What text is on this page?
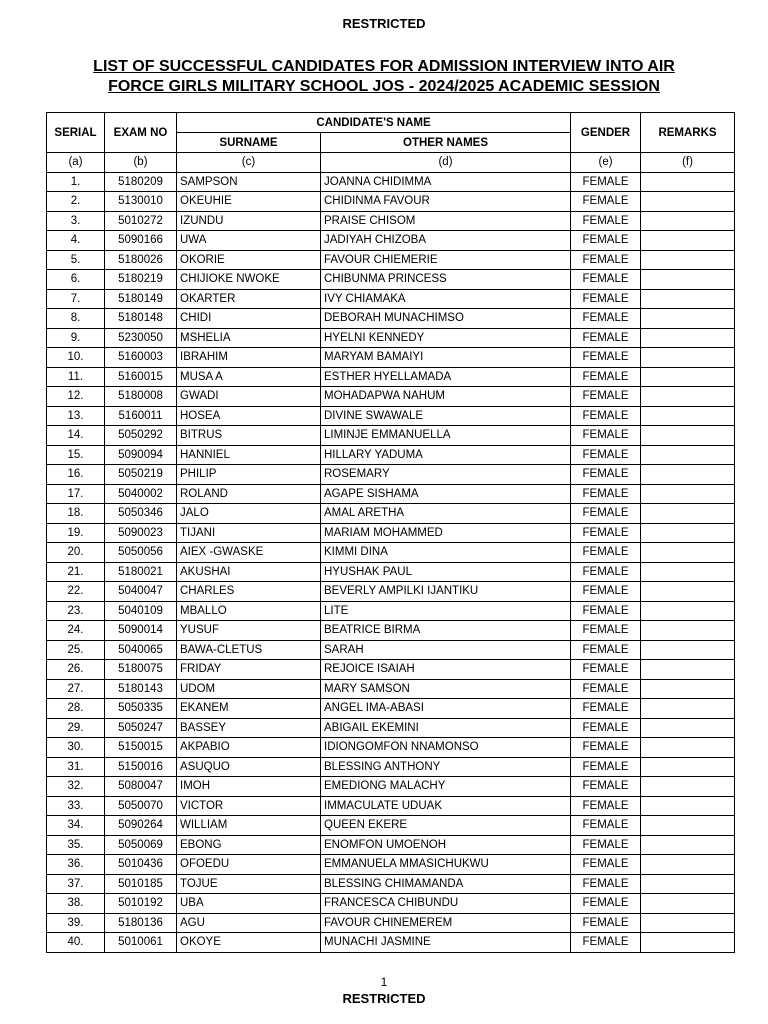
RESTRICTED
LIST OF SUCCESSFUL CANDIDATES FOR ADMISSION INTERVIEW INTO AIR
FORCE GIRLS MILITARY SCHOOL JOS - 2024/2025 ACADEMIC SESSION
SERIAL	EXAM NO	CANDIDATE'S NAME		GENDER	REMARKS
		SURNAME	OTHER NAMES		
(a)	(b)	(c)	(d)	(e)	(f)
1.	5180209	SAMPSON	JOANNA CHIDIMMA	FEMALE	
2.	5130010	OKEUHIE	CHIDINMA FAVOUR	FEMALE	
3.	5010272	IZUNDU	PRAISE CHISOM	FEMALE	
4.	5090166	UWA	JADIYAH CHIZOBA	FEMALE	
5.	5180026	OKORIE	FAVOUR CHIEMERIE	FEMALE	
6.	5180219	CHIJIOKE NWOKE	CHIBUNMA PRINCESS	FEMALE	
7.	5180149	OKARTER	IVY CHIAMAKA	FEMALE	
8.	5180148	CHIDI	DEBORAH MUNACHIMSO	FEMALE	
9.	5230050	MSHELIA	HYELNI KENNEDY	FEMALE	
10.	5160003	IBRAHIM	MARYAM BAMAIYI	FEMALE	
11.	5160015	MUSA A	ESTHER HYELLAMADA	FEMALE	
12.	5180008	GWADI	MOHADAPWA NAHUM	FEMALE	
13.	5160011	HOSEA	DIVINE SWAWALE	FEMALE	
14.	5050292	BITRUS	LIMINJE EMMANUELLA	FEMALE	
15.	5090094	HANNIEL	HILLARY YADUMA	FEMALE	
16.	5050219	PHILIP	ROSEMARY	FEMALE	
17.	5040002	ROLAND	AGAPE SISHAMA	FEMALE	
18.	5050346	JALO	AMAL ARETHA	FEMALE	
19.	5090023	TIJANI	MARIAM MOHAMMED	FEMALE	
20.	5050056	AIEX -GWASKE	KIMMI DINA	FEMALE	
21.	5180021	AKUSHAI	HYUSHAK PAUL	FEMALE	
22.	5040047	CHARLES	BEVERLY AMPILKI IJANTIKU	FEMALE	
23.	5040109	MBALLO	LITE	FEMALE	
24.	5090014	YUSUF	BEATRICE BIRMA	FEMALE	
25.	5040065	BAWA-CLETUS	SARAH	FEMALE	
26.	5180075	FRIDAY	REJOICE ISAIAH	FEMALE	
27.	5180143	UDOM	MARY SAMSON	FEMALE	
28.	5050335	EKANEM	ANGEL IMA-ABASI	FEMALE	
29.	5050247	BASSEY	ABIGAIL EKEMINI	FEMALE	
30.	5150015	AKPABIO	IDIONGOMFON NNAMONSO	FEMALE	
31.	5150016	ASUQUO	BLESSING ANTHONY	FEMALE	
32.	5080047	IMOH	EMEDIONG MALACHY	FEMALE	
33.	5050070	VICTOR	IMMACULATE UDUAK	FEMALE	
34.	5090264	WILLIAM	QUEEN EKERE	FEMALE	
35.	5050069	EBONG	ENOMFON UMOENOH	FEMALE	
36.	5010436	OFOEDU	EMMANUELA MMASICHUKWU	FEMALE	
37.	5010185	TOJUE	BLESSING CHIMAMANDA	FEMALE	
38.	5010192	UBA	FRANCESCA CHIBUNDU	FEMALE	
39.	5180136	AGU	FAVOUR CHINEMEREM	FEMALE	
40.	5010061	OKOYE	MUNACHI JASMINE	FEMALE	
1
RESTRICTED
